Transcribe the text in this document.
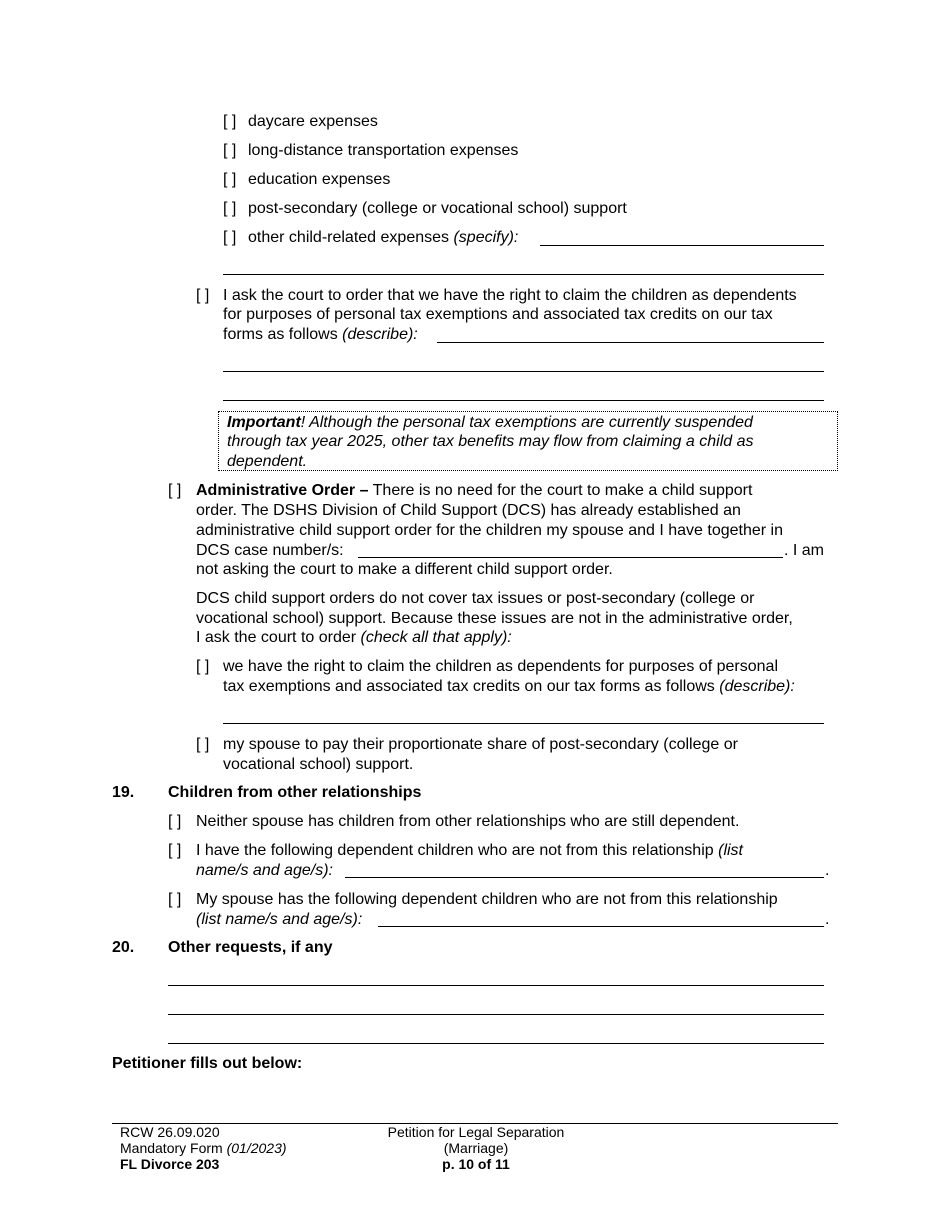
[ ] daycare expenses
[ ] long-distance transportation expenses
[ ] education expenses
[ ] post-secondary (college or vocational school) support
[ ] other child-related expenses (specify):
[ ] I ask the court to order that we have the right to claim the children as dependents
for purposes of personal tax exemptions and associated tax credits on our tax
forms as follows (describe):
Important! Although the personal tax exemptions are currently suspended
through tax year 2025, other tax benefits may flow from claiming a child as
dependent.
[ ] Administrative Order – There is no need for the court to make a child support
order. The DSHS Division of Child Support (DCS) has already established an
administrative child support order for the children my spouse and I have together in
DCS case number/s:	. I am
not asking the court to make a different child support order.
DCS child support orders do not cover tax issues or post-secondary (college or
vocational school) support. Because these issues are not in the administrative order,
I ask the court to order (check all that apply):
[ ] we have the right to claim the children as dependents for purposes of personal
tax exemptions and associated tax credits on our tax forms as follows (describe):
[ ] my spouse to pay their proportionate share of post-secondary (college or
vocational school) support.
19. Children from other relationships
[ ] Neither spouse has children from other relationships who are still dependent.
[ ] I have the following dependent children who are not from this relationship (list
name/s and age/s):	.
[ ] My spouse has the following dependent children who are not from this relationship
(list name/s and age/s):	.
20. Other requests, if any
Petitioner fills out below:
RCW 26.09.020
Mandatory Form (01/2023)
FL Divorce 203
Petition for Legal Separation
(Marriage)
p. 10 of 11
